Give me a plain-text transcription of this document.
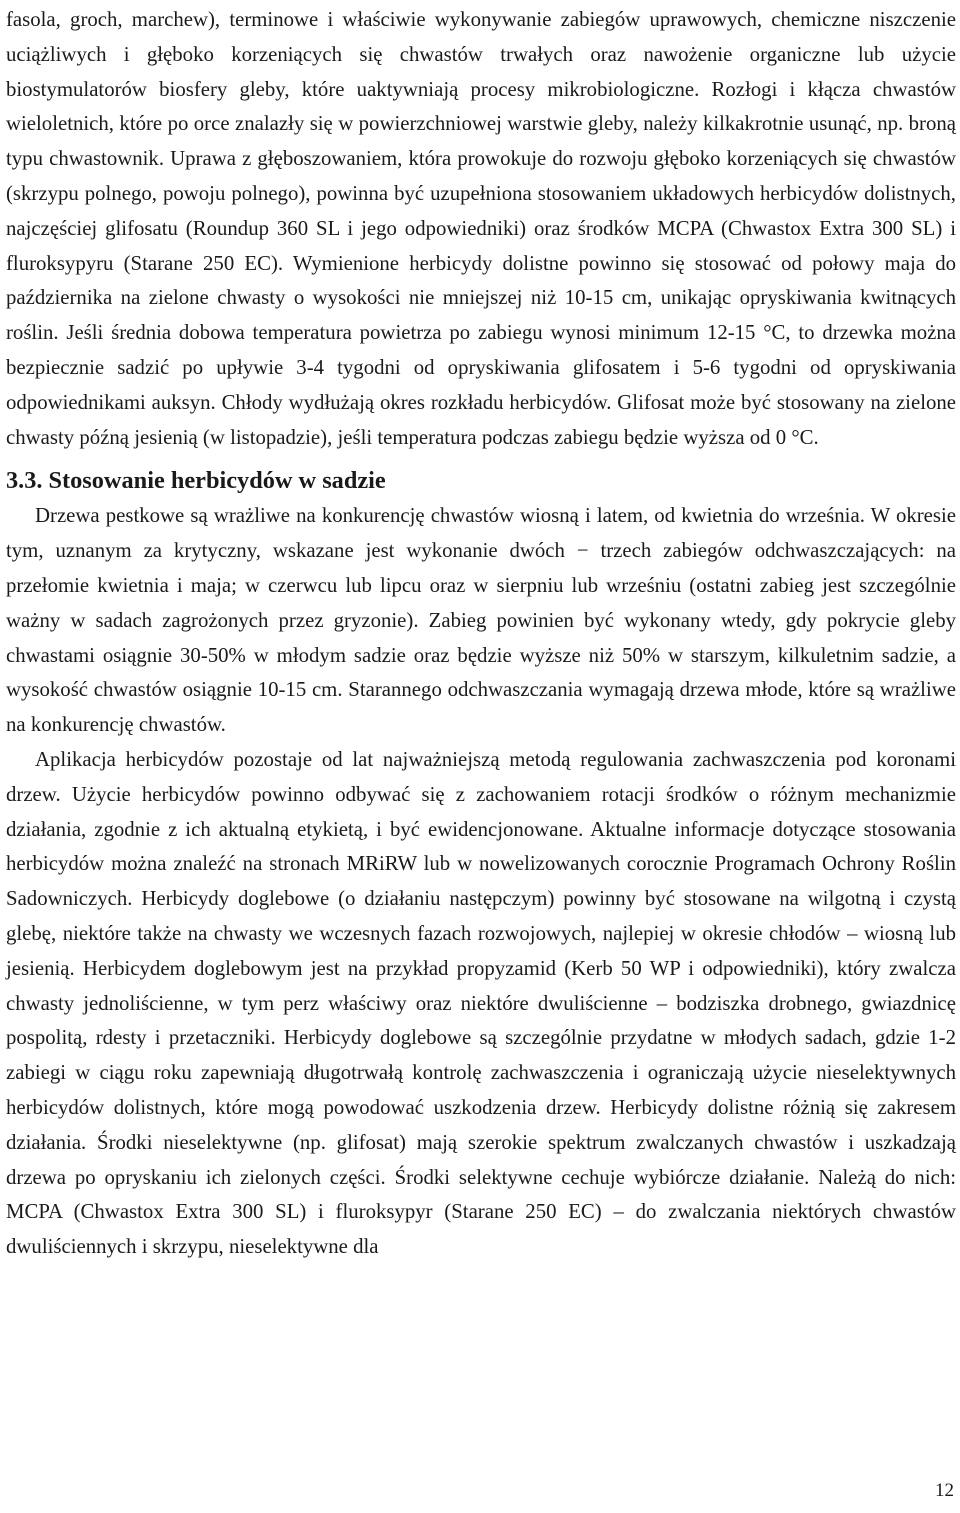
fasola, groch, marchew), terminowe i właściwie wykonywanie zabiegów uprawowych, chemiczne niszczenie uciążliwych i głęboko korzeniących się chwastów trwałych oraz nawożenie organiczne lub użycie biostymulatorów biosfery gleby, które uaktywniają procesy mikrobiologiczne. Rozłogi i kłącza chwastów wieloletnich, które po orce znalazły się w powierzchniowej warstwie gleby, należy kilkakrotnie usunąć, np. broną typu chwastownik. Uprawa z głęboszowaniem, która prowokuje do rozwoju głęboko korzeniących się chwastów (skrzypu polnego, powoju polnego), powinna być uzupełniona stosowaniem układowych herbicydów dolistnych, najczęściej glifosatu (Roundup 360 SL i jego odpowiedniki) oraz środków MCPA (Chwastox Extra 300 SL) i fluroksypyru (Starane 250 EC). Wymienione herbicydy dolistne powinno się stosować od połowy maja do października na zielone chwasty o wysokości nie mniejszej niż 10-15 cm, unikając opryskiwania kwitnących roślin. Jeśli średnia dobowa temperatura powietrza po zabiegu wynosi minimum 12-15 °C, to drzewka można bezpiecznie sadzić po upływie 3-4 tygodni od opryskiwania glifosatem i 5-6 tygodni od opryskiwania odpowiednikami auksyn. Chłody wydłużają okres rozkładu herbicydów. Glifosat może być stosowany na zielone chwasty późną jesienią (w listopadzie), jeśli temperatura podczas zabiegu będzie wyższa od 0 °C.

3.3. Stosowanie herbicydów w sadzie

Drzewa pestkowe są wrażliwe na konkurencję chwastów wiosną i latem, od kwietnia do września. W okresie tym, uznanym za krytyczny, wskazane jest wykonanie dwóch − trzech zabiegów odchwaszczających: na przełomie kwietnia i maja; w czerwcu lub lipcu oraz w sierpniu lub wrześniu (ostatni zabieg jest szczególnie ważny w sadach zagrożonych przez gryzonie). Zabieg powinien być wykonany wtedy, gdy pokrycie gleby chwastami osiągnie 30-50% w młodym sadzie oraz będzie wyższe niż 50% w starszym, kilkuletnim sadzie, a wysokość chwastów osiągnie 10-15 cm. Starannego odchwaszczania wymagają drzewa młode, które są wrażliwe na konkurencję chwastów.

Aplikacja herbicydów pozostaje od lat najważniejszą metodą regulowania zachwaszczenia pod koronami drzew. Użycie herbicydów powinno odbywać się z zachowaniem rotacji środków o różnym mechanizmie działania, zgodnie z ich aktualną etykietą, i być ewidencjonowane. Aktualne informacje dotyczące stosowania herbicydów można znaleźć na stronach MRiRW lub w nowelizowanych corocznie Programach Ochrony Roślin Sadowniczych. Herbicydy doglebowe (o działaniu następczym) powinny być stosowane na wilgotną i czystą glebę, niektóre także na chwasty we wczesnych fazach rozwojowych, najlepiej w okresie chłodów – wiosną lub jesienią. Herbicydem doglebowym jest na przykład propyzamid (Kerb 50 WP i odpowiedniki), który zwalcza chwasty jednoliścienne, w tym perz właściwy oraz niektóre dwuliścienne – bodziszka drobnego, gwiazdnicę pospolitą, rdesty i przetaczniki. Herbicydy doglebowe są szczególnie przydatne w młodych sadach, gdzie 1-2 zabiegi w ciągu roku zapewniają długotrwałą kontrolę zachwaszczenia i ograniczają użycie nieselektywnych herbicydów dolistnych, które mogą powodować uszkodzenia drzew. Herbicydy dolistne różnią się zakresem działania. Środki nieselektywne (np. glifosat) mają szerokie spektrum zwalczanych chwastów i uszkadzają drzewa po opryskaniu ich zielonych części. Środki selektywne cechuje wybiórcze działanie. Należą do nich: MCPA (Chwastox Extra 300 SL) i fluroksypyr (Starane 250 EC) – do zwalczania niektórych chwastów dwuliściennych i skrzypu, nieselektywne dla

12
